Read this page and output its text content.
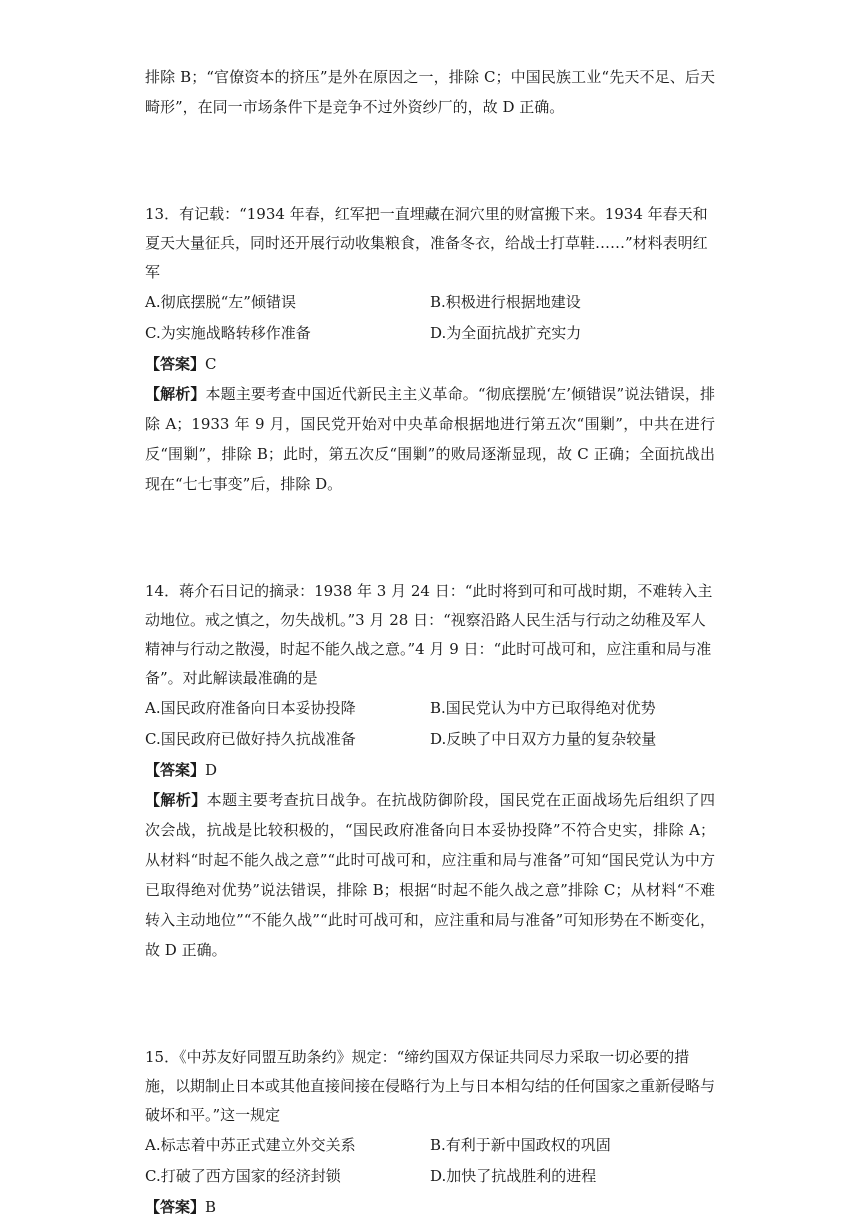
排除 B；“官僚资本的挤压”是外在原因之一，排除 C；中国民族工业“先天不足、后天畸形”，在同一市场条件下是竞争不过外资纱厂的，故 D 正确。

13．有记载：“1934 年春，红军把一直埋藏在洞穴里的财富搬下来。1934 年春天和夏天大量征兵，同时还开展行动收集粮食，准备冬衣，给战士打草鞋……”材料表明红军

A.彻底摆脱“左”倾错误	B.积极进行根据地建设
C.为实施战略转移作准备	D.为全面抗战扩充实力

【答案】C

【解析】本题主要考查中国近代新民主主义革命。“彻底摆脱‘左’倾错误”说法错误，排除 A；1933 年 9 月，国民党开始对中央革命根据地进行第五次“围剿”，中共在进行反“围剿”，排除 B；此时，第五次反“围剿”的败局逐渐显现，故 C 正确；全面抗战出现在“七七事变”后，排除 D。

14．蒋介石日记的摘录：1938 年 3 月 24 日：“此时将到可和可战时期，不难转入主动地位。戒之慎之，勿失战机。”3 月 28 日：“视察沿路人民生活与行动之幼稚及军人精神与行动之散漫，时起不能久战之意。”4 月 9 日：“此时可战可和，应注重和局与准备”。对此解读最准确的是

A.国民政府准备向日本妥协投降	B.国民党认为中方已取得绝对优势
C.国民政府已做好持久抗战准备	D.反映了中日双方力量的复杂较量

【答案】D

【解析】本题主要考查抗日战争。在抗战防御阶段，国民党在正面战场先后组织了四次会战，抗战是比较积极的，“国民政府准备向日本妥协投降”不符合史实，排除 A；从材料“时起不能久战之意”“此时可战可和，应注重和局与准备”可知“国民党认为中方已取得绝对优势”说法错误，排除 B；根据“时起不能久战之意”排除 C；从材料“不难转入主动地位”“不能久战”“此时可战可和，应注重和局与准备”可知形势在不断变化，故 D 正确。

15．《中苏友好同盟互助条约》规定：“缔约国双方保证共同尽力采取一切必要的措施，以期制止日本或其他直接间接在侵略行为上与日本相勾结的任何国家之重新侵略与破坏和平。”这一规定

A.标志着中苏正式建立外交关系	B.有利于新中国政权的巩固
C.打破了西方国家的经济封锁	D.加快了抗战胜利的进程

【答案】B
